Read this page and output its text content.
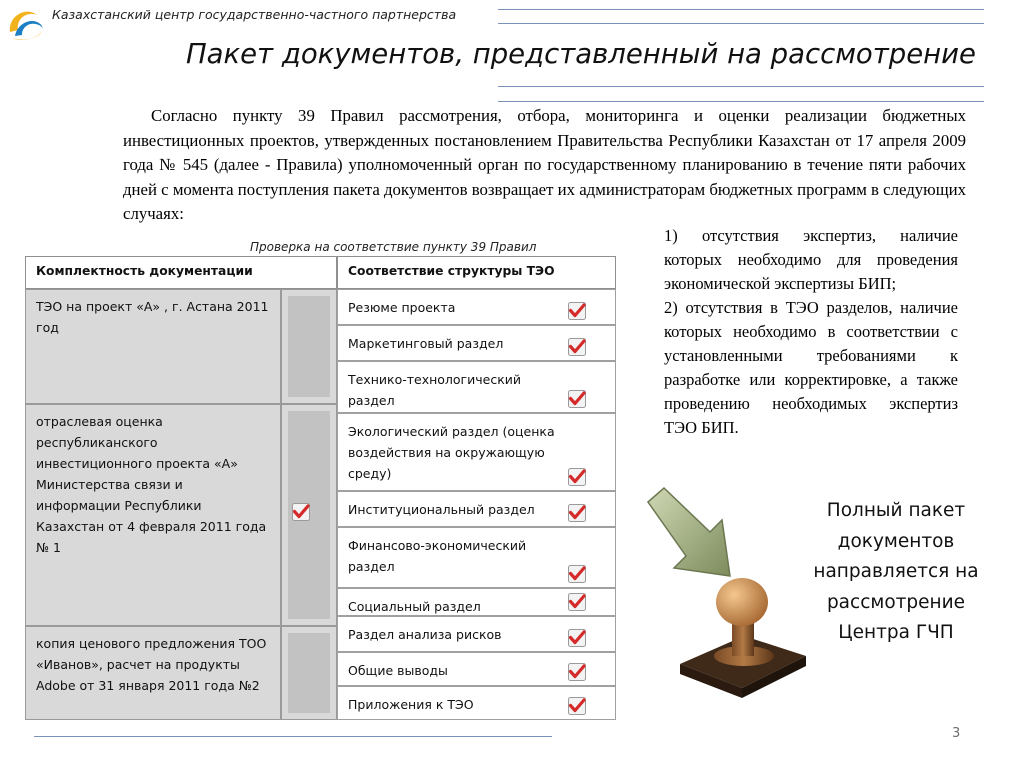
Казахстанский центр государственно-частного партнерства
Пакет документов, представленный на рассмотрение
Согласно пункту 39 Правил рассмотрения, отбора, мониторинга и оценки реализации бюджетных инвестиционных проектов, утвержденных постановлением Правительства Республики Казахстан от 17 апреля 2009 года № 545 (далее - Правила) уполномоченный орган по государственному планированию в течение пяти рабочих дней с момента поступления пакета документов возвращает их администраторам бюджетных программ в следующих случаях:
Проверка на соответствие пункту 39 Правил
Комплектность документации	Соответствие структуры ТЭО
ТЭО на проект «А» , г. Астана 2011 год
отраслевая оценка республиканского инвестиционного проекта «А» Министерства связи и информации Республики Казахстан от 4 февраля 2011 года № 1
копия ценового предложения ТОО «Иванов», расчет на продукты Adobe от 31 января 2011 года №2
Резюме проекта
Маркетинговый раздел
Технико-технологический раздел
Экологический раздел (оценка воздействия на окружающую среду)
Институциональный раздел
Финансово-экономический раздел
Социальный раздел
Раздел анализа рисков
Общие выводы
Приложения к ТЭО
1) отсутствия экспертиз, наличие которых необходимо для проведения экономической экспертизы БИП;
2) отсутствия в ТЭО разделов, наличие которых необходимо в соответствии с установленными требованиями к разработке или корректировке, а также проведению необходимых экспертиз ТЭО БИП.
Полный пакет документов направляется на рассмотрение Центра ГЧП
3
